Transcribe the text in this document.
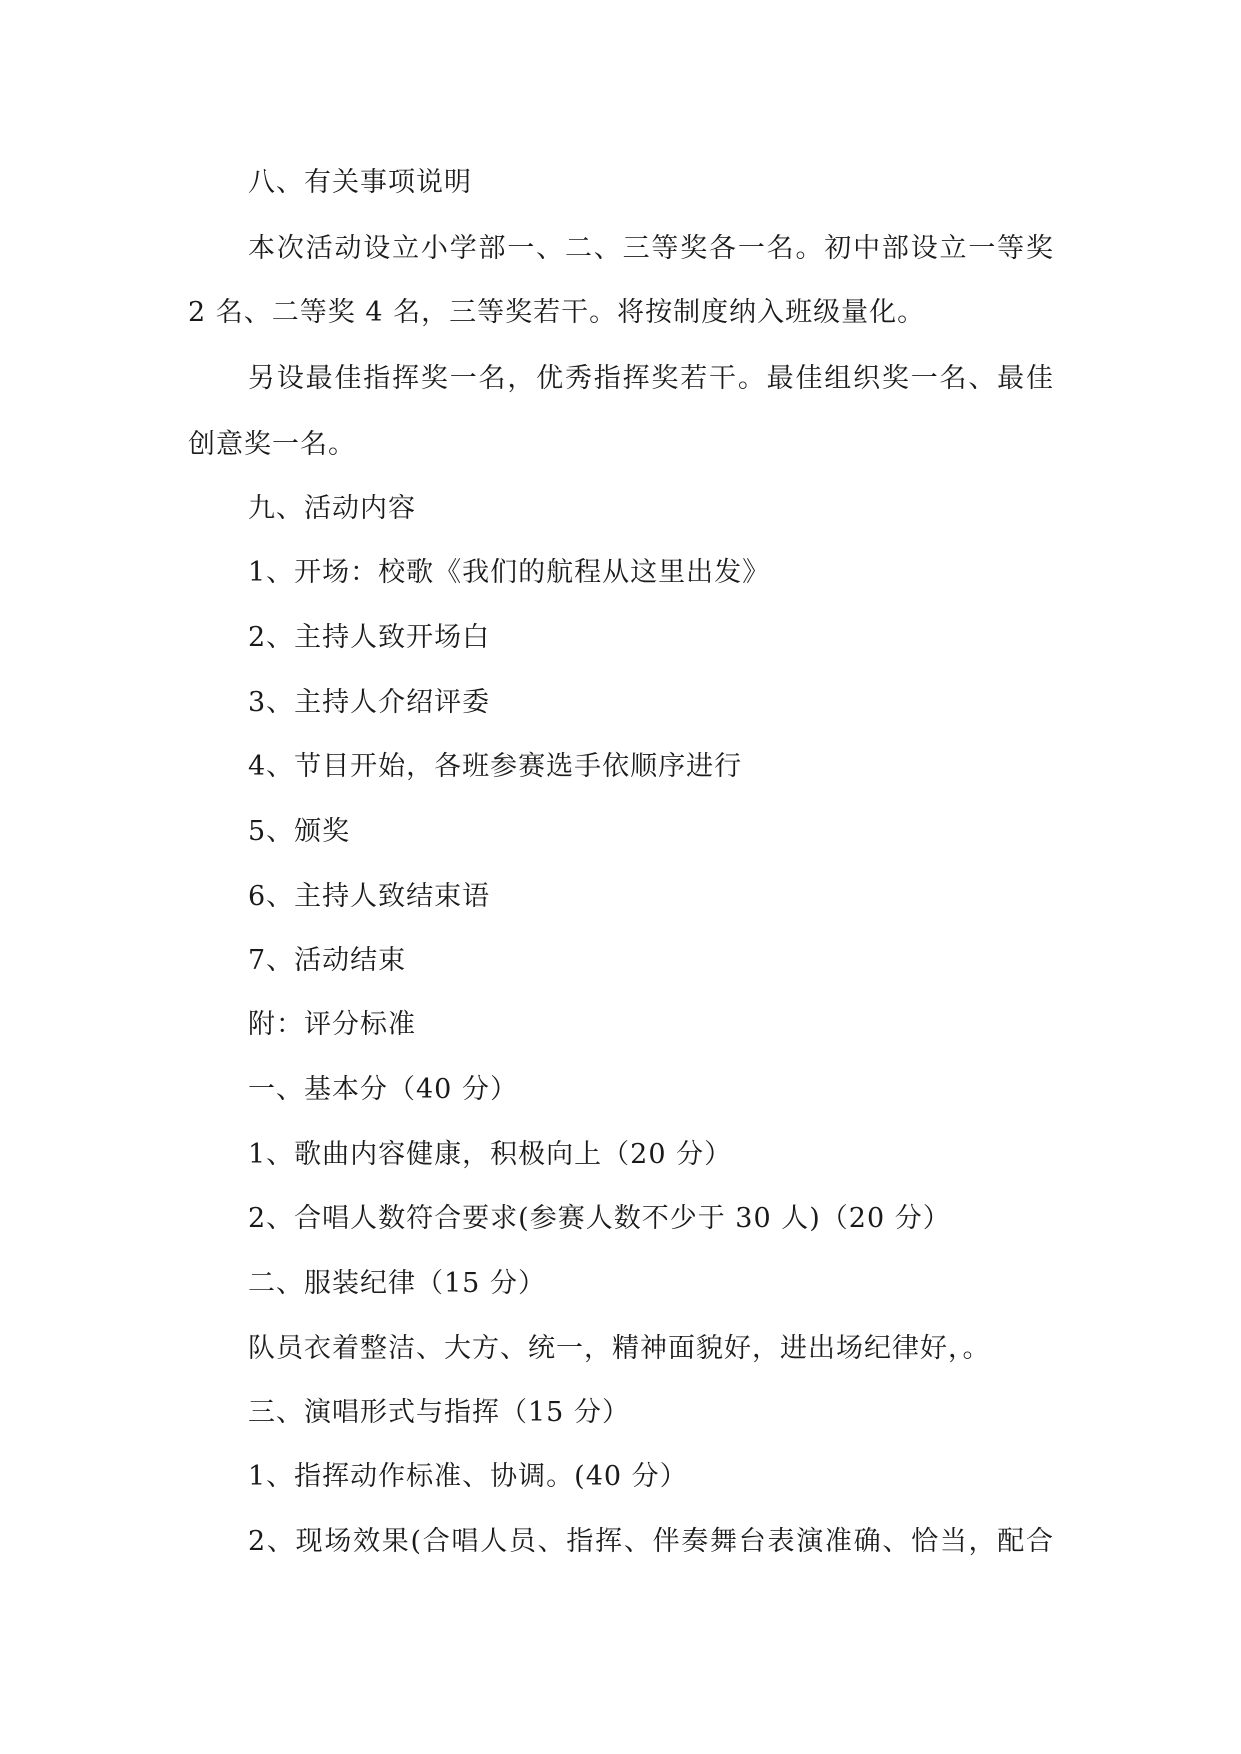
八、有关事项说明
本次活动设立小学部一、二、三等奖各一名。初中部设立一等奖
2 名、二等奖 4 名，三等奖若干。将按制度纳入班级量化。
另设最佳指挥奖一名，优秀指挥奖若干。最佳组织奖一名、最佳
创意奖一名。
九、活动内容
1、开场：校歌《我们的航程从这里出发》
2、主持人致开场白
3、主持人介绍评委
4、节目开始，各班参赛选手依顺序进行
5、颁奖
6、主持人致结束语
7、活动结束
附：评分标准
一、基本分（40 分）
1、歌曲内容健康，积极向上（20 分）
2、合唱人数符合要求(参赛人数不少于 30 人)（20 分）
二、服装纪律（15 分）
队员衣着整洁、大方、统一，精神面貌好，进出场纪律好，。
三、演唱形式与指挥（15 分）
1、指挥动作标准、协调。(40 分）
2、现场效果(合唱人员、指挥、伴奏舞台表演准确、恰当，配合
